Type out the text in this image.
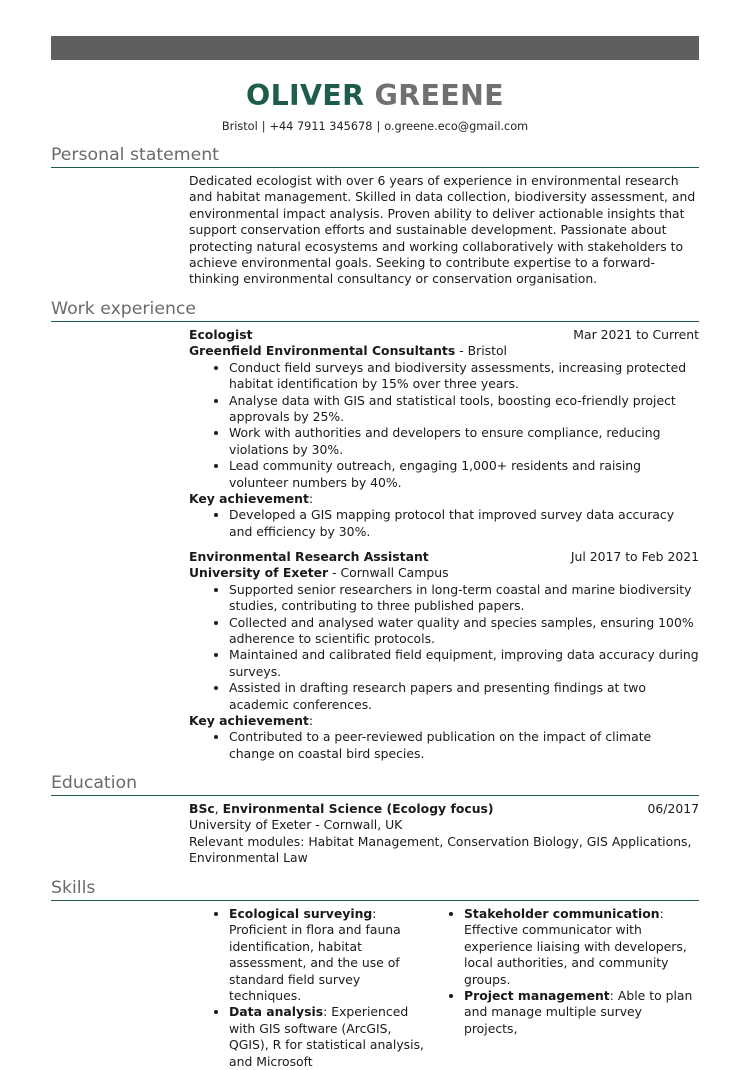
OLIVER GREENE
Bristol | +44 7911 345678 | o.greene.eco@gmail.com
Personal statement

Dedicated ecologist with over 6 years of experience in environmental research and habitat management. Skilled in data collection, biodiversity assessment, and environmental impact analysis. Proven ability to deliver actionable insights that support conservation efforts and sustainable development. Passionate about protecting natural ecosystems and working collaboratively with stakeholders to achieve environmental goals. Seeking to contribute expertise to a forward-thinking environmental consultancy or conservation organisation.

Work experience
Ecologist	Mar 2021 to Current
Greenfield Environmental Consultants - Bristol
• Conduct field surveys and biodiversity assessments, increasing protected habitat identification by 15% over three years.
• Analyse data with GIS and statistical tools, boosting eco-friendly project approvals by 25%.
• Work with authorities and developers to ensure compliance, reducing violations by 30%.
• Lead community outreach, engaging 1,000+ residents and raising volunteer numbers by 40%.
Key achievement:
• Developed a GIS mapping protocol that improved survey data accuracy and efficiency by 30%.
Environmental Research Assistant	Jul 2017 to Feb 2021
University of Exeter - Cornwall Campus
• Supported senior researchers in long-term coastal and marine biodiversity studies, contributing to three published papers.
• Collected and analysed water quality and species samples, ensuring 100% adherence to scientific protocols.
• Maintained and calibrated field equipment, improving data accuracy during surveys.
• Assisted in drafting research papers and presenting findings at two academic conferences.
Key achievement:
• Contributed to a peer-reviewed publication on the impact of climate change on coastal bird species.
Education
BSc, Environmental Science (Ecology focus)	06/2017
University of Exeter - Cornwall, UK
Relevant modules: Habitat Management, Conservation Biology, GIS Applications, Environmental Law
Skills
• Ecological surveying: Proficient in flora and fauna identification, habitat assessment, and the use of standard field survey techniques.
• Data analysis: Experienced with GIS software (ArcGIS, QGIS), R for statistical analysis, and Microsoft
• Stakeholder communication: Effective communicator with experience liaising with developers, local authorities, and community groups.
• Project management: Able to plan and manage multiple survey projects,
